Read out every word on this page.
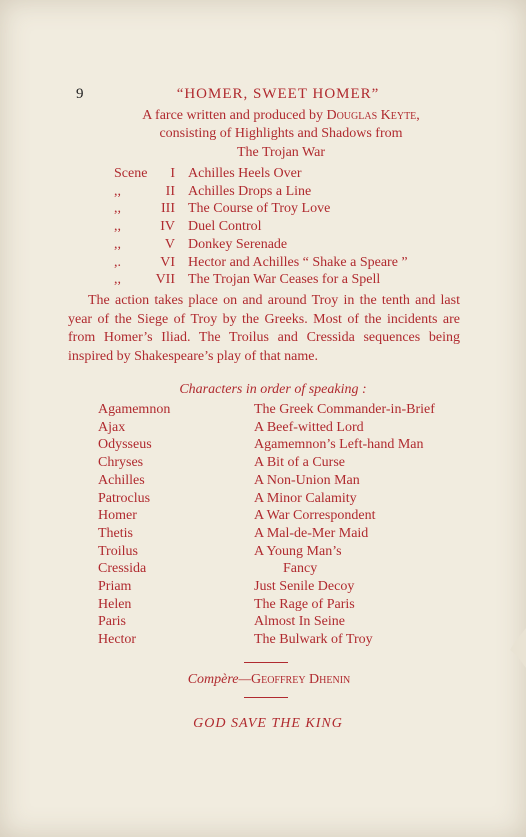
9	“HOMER, SWEET HOMER”
A farce written and produced by Douglas Keyte,
consisting of Highlights and Shadows from
The Trojan War
Scene	I Achilles Heels Over
,,	II Achilles Drops a Line
,,	III The Course of Troy Love
,,	IV Duel Control
,,	V Donkey Serenade
,.	VI Hector and Achilles “ Shake a Speare ”
,,	VII The Trojan War Ceases for a Spell
The action takes place on and around Troy in the tenth and last year of the Siege of Troy by the Greeks. Most of the incidents are from Homer’s Iliad. The Troilus and Cressida sequences being inspired by Shakespeare’s play of that name.
Characters in order of speaking :
Agamemnon	The Greek Commander-in-Brief
Ajax	A Beef-witted Lord
Odysseus	Agamemnon’s Left-hand Man
Chryses	A Bit of a Curse
Achilles	A Non-Union Man
Patroclus	A Minor Calamity
Homer	A War Correspondent
Thetis	A Mal-de-Mer Maid
Troilus	A Young Man’s
Cressida	Fancy
Priam	Just Senile Decoy
Helen	The Rage of Paris
Paris	Almost In Seine
Hector	The Bulwark of Troy
Compère—Geoffrey Dhenin
GOD SAVE THE KING
